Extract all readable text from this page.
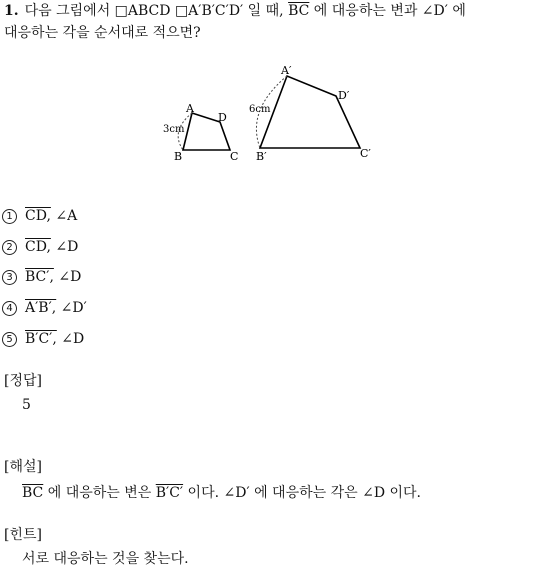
1. 다음 그림에서 □ABCD □A′B′C′D′ 일 때, $\overline{BC}$ 에 대응하는 변과 ∠D′ 에
대응하는 각을 순서대로 적으면?
A
D
B	C
3cm
A′
D′
B′	C′
6cm
1 CD, ∠A
2 CD, ∠D
3 BC′, ∠D
4 A′B′, ∠D′
5 B′C′, ∠D
[정답]
5
[해설]
$\overline{BC}$ 에 대응하는 변은 B′C′ 이다. ∠D′ 에 대응하는 각은 ∠D 이다.
[힌트]
서로 대응하는 것을 찾는다.
